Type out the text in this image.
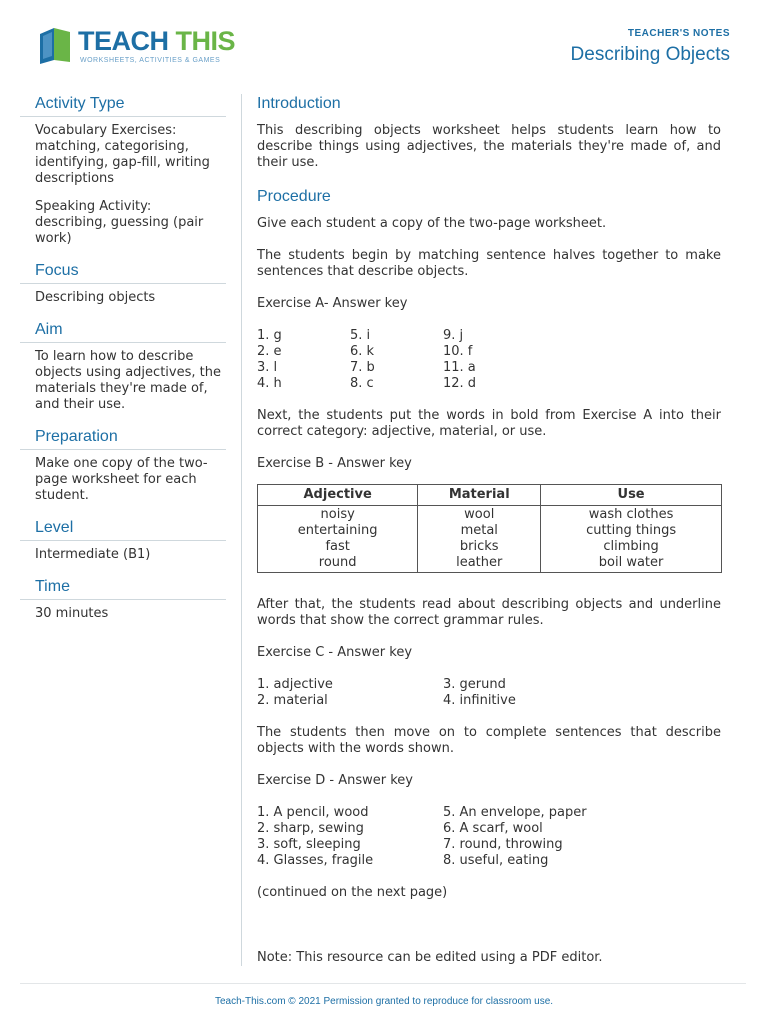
TEACH THIS
WORKSHEETS, ACTIVITIES & GAMES
TEACHER'S NOTES
Describing Objects
Activity Type

Vocabulary Exercises: matching, categorising, identifying, gap-fill, writing descriptions

Speaking Activity: describing, guessing (pair work)

Focus
Describing objects
Aim
To learn how to describe objects using adjectives, the materials they're made of, and their use.
Preparation
Make one copy of the two-page worksheet for each student.
Level
Intermediate (B1)
Time
30 minutes
Introduction

This describing objects worksheet helps students learn how to describe things using adjectives, the materials they're made of, and their use.

Procedure

Give each student a copy of the two-page worksheet.

The students begin by matching sentence halves together to make sentences that describe objects.

Exercise A- Answer key

1. g
2. e
3. l
4. h
5. i
6. k
7. b
8. c
9. j
10. f
11. a
12. d

Next, the students put the words in bold from Exercise A into their correct category: adjective, material, or use.

Exercise B - Answer key

Adjective	Material	Use
noisy	wool	wash clothes
entertaining	metal	cutting things
fast	bricks	climbing
round	leather	boil water

After that, the students read about describing objects and underline words that show the correct grammar rules.

Exercise C - Answer key

1. adjective
2. material
3. gerund
4. infinitive

The students then move on to complete sentences that describe objects with the words shown.

Exercise D - Answer key

1. A pencil, wood
2. sharp, sewing
3. soft, sleeping
4. Glasses, fragile
5. An envelope, paper
6. A scarf, wool
7. round, throwing
8. useful, eating

(continued on the next page)

Note: This resource can be edited using a PDF editor.
Teach-This.com © 2021 Permission granted to reproduce for classroom use.
